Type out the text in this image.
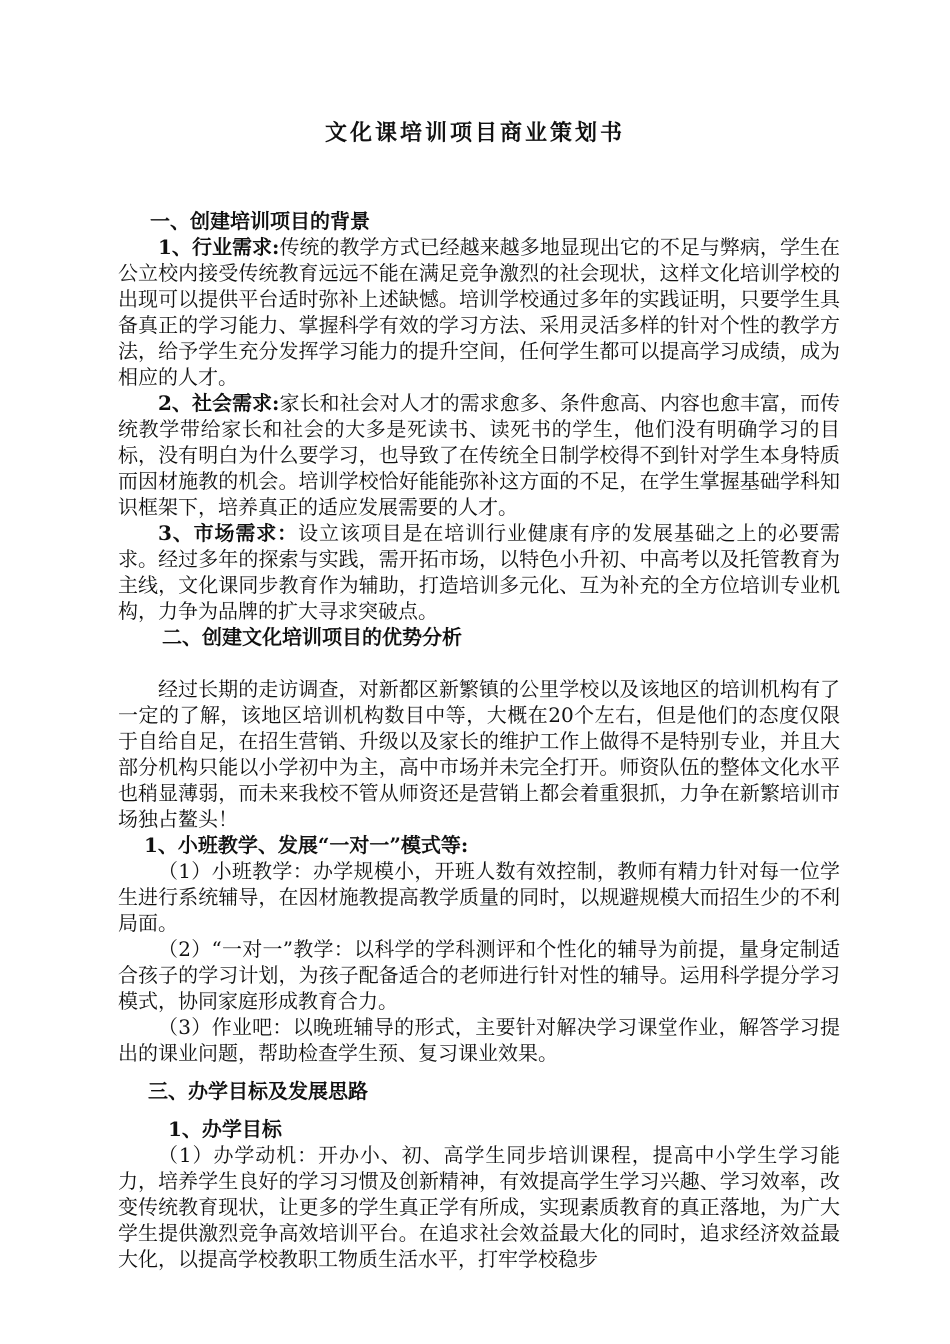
文化课培训项目商业策划书

一、创建培训项目的背景

1、行业需求:传统的教学方式已经越来越多地显现出它的不足与弊病，学生在公立校内接受传统教育远远不能在满足竞争激烈的社会现状，这样文化培训学校的出现可以提供平台适时弥补上述缺憾。培训学校通过多年的实践证明，只要学生具备真正的学习能力、掌握科学有效的学习方法、采用灵活多样的针对个性的教学方法，给予学生充分发挥学习能力的提升空间，任何学生都可以提高学习成绩，成为相应的人才。

2、社会需求:家长和社会对人才的需求愈多、条件愈高、内容也愈丰富，而传统教学带给家长和社会的大多是死读书、读死书的学生，他们没有明确学习的目标，没有明白为什么要学习，也导致了在传统全日制学校得不到针对学生本身特质而因材施教的机会。培训学校恰好能能弥补这方面的不足，在学生掌握基础学科知识框架下，培养真正的适应发展需要的人才。

3、市场需求：设立该项目是在培训行业健康有序的发展基础之上的必要需求。经过多年的探索与实践，需开拓市场，以特色小升初、中高考以及托管教育为主线，文化课同步教育作为辅助，打造培训多元化、互为补充的全方位培训专业机构，力争为品牌的扩大寻求突破点。

二、创建文化培训项目的优势分析

经过长期的走访调查，对新都区新繁镇的公里学校以及该地区的培训机构有了一定的了解，该地区培训机构数目中等，大概在20个左右，但是他们的态度仅限于自给自足，在招生营销、升级以及家长的维护工作上做得不是特别专业，并且大部分机构只能以小学初中为主，高中市场并未完全打开。师资队伍的整体文化水平也稍显薄弱，而未来我校不管从师资还是营销上都会着重狠抓，力争在新繁培训市场独占鳌头！

1、小班教学、发展“一对一”模式等:

（1）小班教学：办学规模小，开班人数有效控制，教师有精力针对每一位学生进行系统辅导，在因材施教提高教学质量的同时，以规避规模大而招生少的不利局面。

（2）“一对一”教学：以科学的学科测评和个性化的辅导为前提，量身定制适合孩子的学习计划，为孩子配备适合的老师进行针对性的辅导。运用科学提分学习模式，协同家庭形成教育合力。

（3）作业吧：以晚班辅导的形式，主要针对解决学习课堂作业，解答学习提出的课业问题，帮助检查学生预、复习课业效果。

三、办学目标及发展思路

1、办学目标

（1）办学动机：开办小、初、高学生同步培训课程，提高中小学生学习能力，培养学生良好的学习习惯及创新精神，有效提高学生学习兴趣、学习效率，改变传统教育现状，让更多的学生真正学有所成，实现素质教育的真正落地，为广大学生提供激烈竞争高效培训平台。在追求社会效益最大化的同时，追求经济效益最大化，以提高学校教职工物质生活水平，打牢学校稳步
